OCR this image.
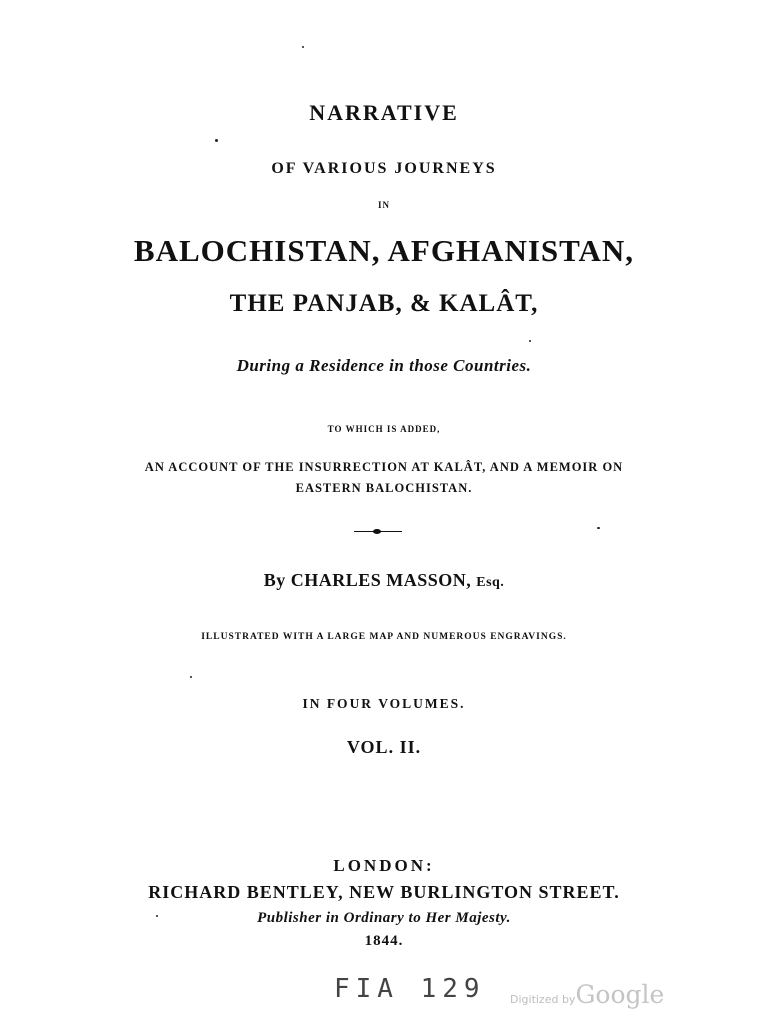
NARRATIVE
OF VARIOUS JOURNEYS
IN
BALOCHISTAN, AFGHANISTAN,
THE PANJAB, & KALÂT,
During a Residence in those Countries.
TO WHICH IS ADDED,
AN ACCOUNT OF THE INSURRECTION AT KALÂT, AND A MEMOIR ON
EASTERN BALOCHISTAN.
By CHARLES MASSON, Esq.
ILLUSTRATED WITH A LARGE MAP AND NUMEROUS ENGRAVINGS.
IN FOUR VOLUMES.
VOL. II.
LONDON:
RICHARD BENTLEY, NEW BURLINGTON STREET.
Publisher in Ordinary to Her Majesty.
1844.
FIA 129 Digitized byGoogle
